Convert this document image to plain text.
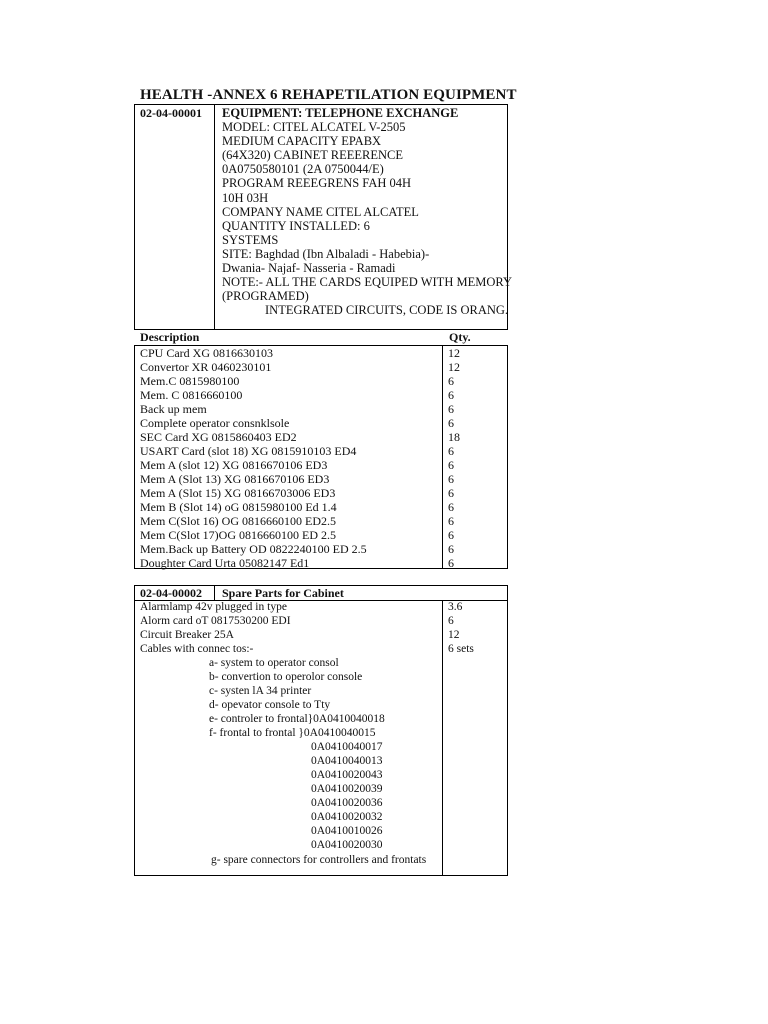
HEALTH -ANNEX 6 REHAPETILATION EQUIPMENT
02-04-00001 EQUIPMENT: TELEPHONE EXCHANGE
MODEL: CITEL ALCATEL V-2505
MEDIUM CAPACITY EPABX
(64X320) CABINET REEERENCE
0A0750580101 (2A 0750044/E)
PROGRAM REEEGRENS FAH 04H
10H 03H
COMPANY NAME CITEL ALCATEL
QUANTITY INSTALLED: 6
SYSTEMS
SITE: Baghdad (Ibn Albaladi - Habebia)-
Dwania- Najaf- Nasseria - Ramadi
NOTE:- ALL THE CARDS EQUIPED WITH MEMORY
(PROGRAMED)
INTEGRATED CIRCUITS, CODE IS ORANG.
Description	Qty.
CPU Card XG 0816630103	12
Convertor XR 0460230101	12
Mem.C 0815980100	6
Mem. C 0816660100	6
Back up mem	6
Complete operator consnklsole	6
SEC Card XG 0815860403 ED2	18
USART Card (slot 18) XG 0815910103 ED4	6
Mem A (slot 12) XG 0816670106 ED3	6
Mem A (Slot 13) XG 0816670106 ED3	6
Mem A (Slot 15) XG 08166703006 ED3	6
Mem B (Slot 14) oG 0815980100 Ed 1.4	6
Mem C(Slot 16) OG 0816660100 ED2.5	6
Mem C(Slot 17)OG 0816660100 ED 2.5	6
Mem.Back up Battery OD 0822240100 ED 2.5	6
Doughter Card Urta 05082147 Ed1	6
02-04-00002 Spare Parts for Cabinet
Alarmlamp 42v plugged in type	3.6
Alorm card oT 0817530200 EDI	6
Circuit Breaker 25A	12
Cables with connec tos:-	6 sets
a- system to operator consol
b- convertion to operolor console
c- systen lA 34 printer
d- opevator console to Tty
e- controler to frontal}0A0410040018
f- frontal to frontal }0A0410040015
0A0410040017
0A0410040013
0A0410020043
0A0410020039
0A0410020036
0A0410020032
0A0410010026
0A0410020030
g- spare connectors for controllers and frontats
